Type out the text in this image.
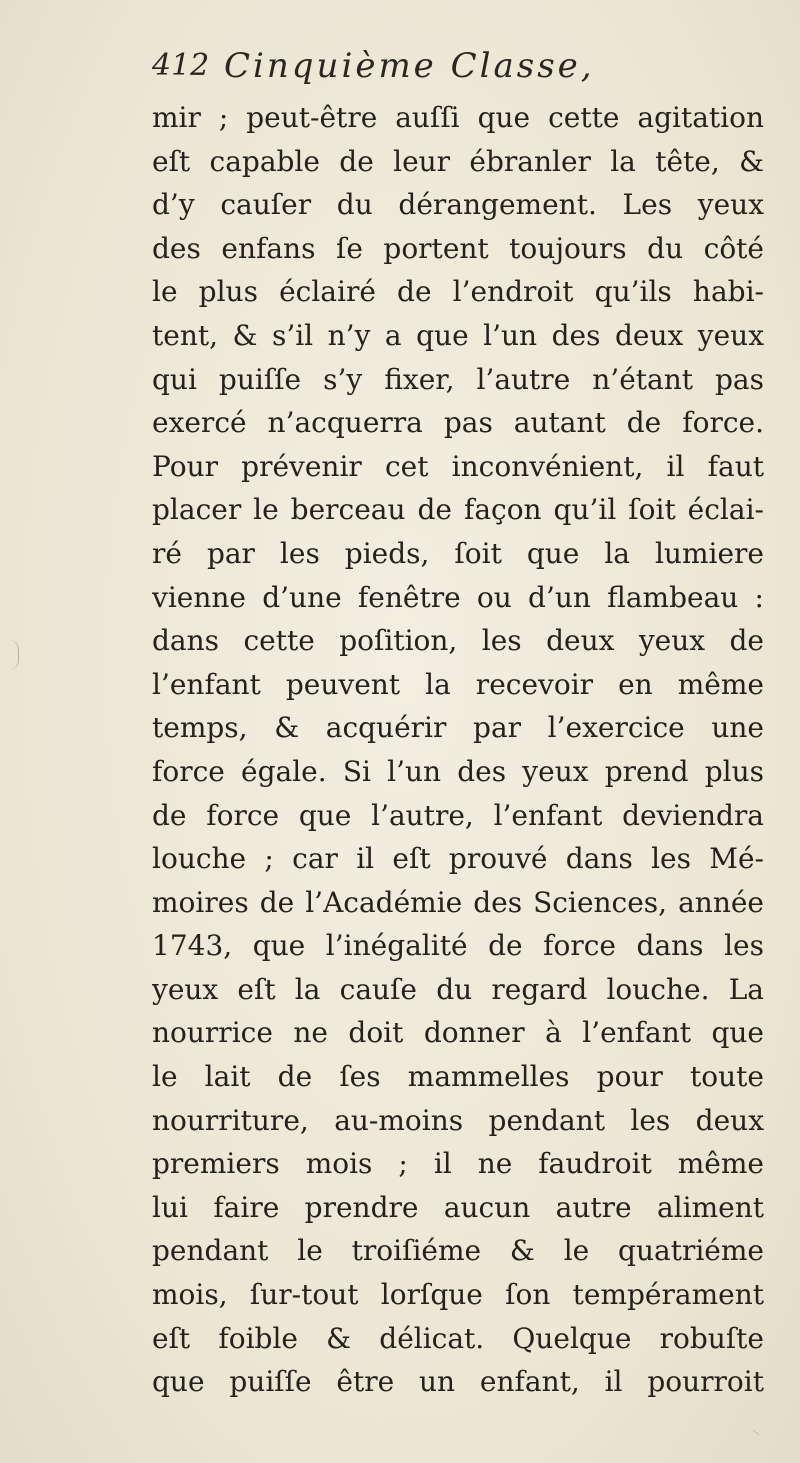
412 Cinquième Classe,
mir ; peut-être auſſi que cette agitation
eſt capable de leur ébranler la tête, &
d’y cauſer du dérangement. Les yeux
des enfans ſe portent toujours du côté
le plus éclairé de l’endroit qu’ils habi-
tent, & s’il n’y a que l’un des deux yeux
qui puiſſe s’y fixer, l’autre n’étant pas
exercé n’acquerra pas autant de force.
Pour prévenir cet inconvénient, il faut
placer le berceau de façon qu’il ſoit éclai-
ré par les pieds, ſoit que la lumiere
vienne d’une fenêtre ou d’un flambeau :
dans cette poſition, les deux yeux de
l’enfant peuvent la recevoir en même
temps, & acquérir par l’exercice une
force égale. Si l’un des yeux prend plus
de force que l’autre, l’enfant deviendra
louche ; car il eſt prouvé dans les Mé-
moires de l’Académie des Sciences, année
1743, que l’inégalité de force dans les
yeux eſt la cauſe du regard louche. La
nourrice ne doit donner à l’enfant que
le lait de ſes mammelles pour toute
nourriture, au-moins pendant les deux
premiers mois ; il ne faudroit même
lui faire prendre aucun autre aliment
pendant le troiſiéme & le quatriéme
mois, ſur-tout lorſque ſon tempérament
eſt foible & délicat. Quelque robuſte
que puiſſe être un enfant, il pourroit
